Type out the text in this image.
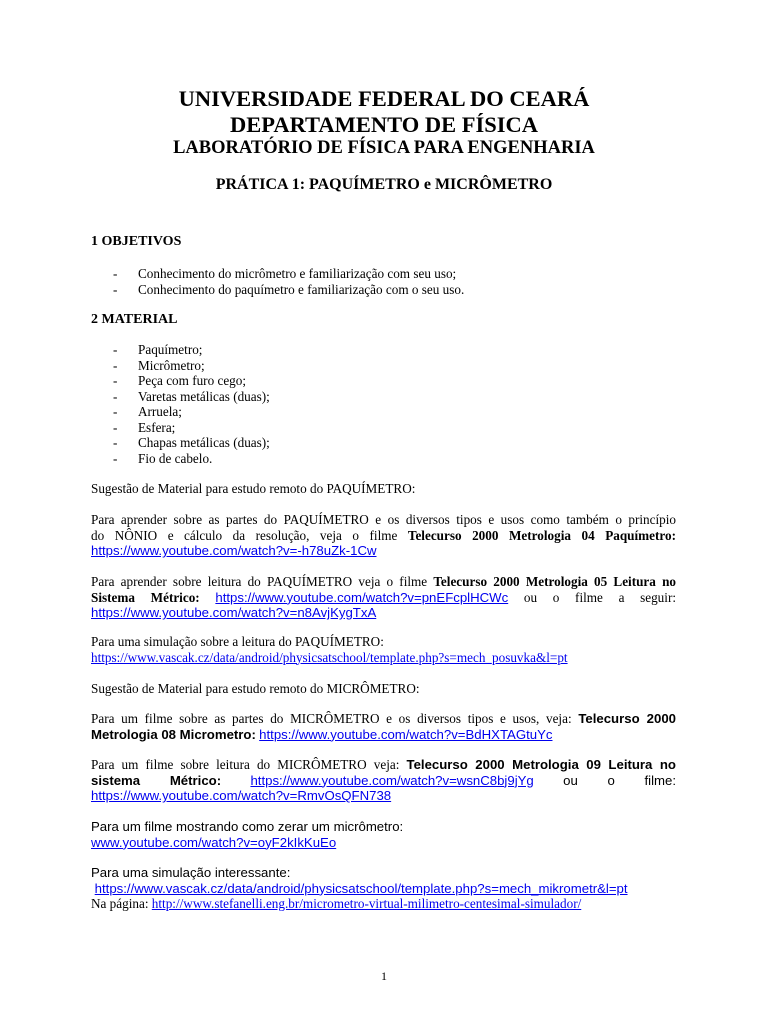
UNIVERSIDADE FEDERAL DO CEARÁ
DEPARTAMENTO DE FÍSICA
LABORATÓRIO DE FÍSICA PARA ENGENHARIA
PRÁTICA 1: PAQUÍMETRO e MICRÔMETRO
1 OBJETIVOS
- Conhecimento do micrômetro e familiarização com seu uso;
- Conhecimento do paquímetro e familiarização com o seu uso.
2 MATERIAL
- Paquímetro;
- Micrômetro;
- Peça com furo cego;
- Varetas metálicas (duas);
- Arruela;
- Esfera;
- Chapas metálicas (duas);
- Fio de cabelo.
Sugestão de Material para estudo remoto do PAQUÍMETRO:
Para aprender sobre as partes do PAQUÍMETRO e os diversos tipos e usos como também o princípio
do NÔNIO e cálculo da resolução, veja o filme Telecurso 2000 Metrologia 04 Paquímetro:
https://www.youtube.com/watch?v=-h78uZk-1Cw
Para aprender sobre leitura do PAQUÍMETRO veja o filme Telecurso 2000 Metrologia 05 Leitura no
Sistema Métrico: https://www.youtube.com/watch?v=pnEFcplHCWc ou o filme a seguir:
https://www.youtube.com/watch?v=n8AvjKygTxA
Para uma simulação sobre a leitura do PAQUÍMETRO:
https://www.vascak.cz/data/android/physicsatschool/template.php?s=mech_posuvka&l=pt
Sugestão de Material para estudo remoto do MICRÔMETRO:
Para um filme sobre as partes do MICRÔMETRO e os diversos tipos e usos, veja: Telecurso 2000
Metrologia 08 Micrometro: https://www.youtube.com/watch?v=BdHXTAGtuYc
Para um filme sobre leitura do MICRÔMETRO veja: Telecurso 2000 Metrologia 09 Leitura no
sistema Métrico: https://www.youtube.com/watch?v=wsnC8bj9jYg ou o filme:
https://www.youtube.com/watch?v=RmvOsQFN738
Para um filme mostrando como zerar um micrômetro:
www.youtube.com/watch?v=oyF2kIkKuEo
Para uma simulação interessante:
https://www.vascak.cz/data/android/physicsatschool/template.php?s=mech_mikrometr&l=pt
Na página: http://www.stefanelli.eng.br/micrometro-virtual-milimetro-centesimal-simulador/
1
